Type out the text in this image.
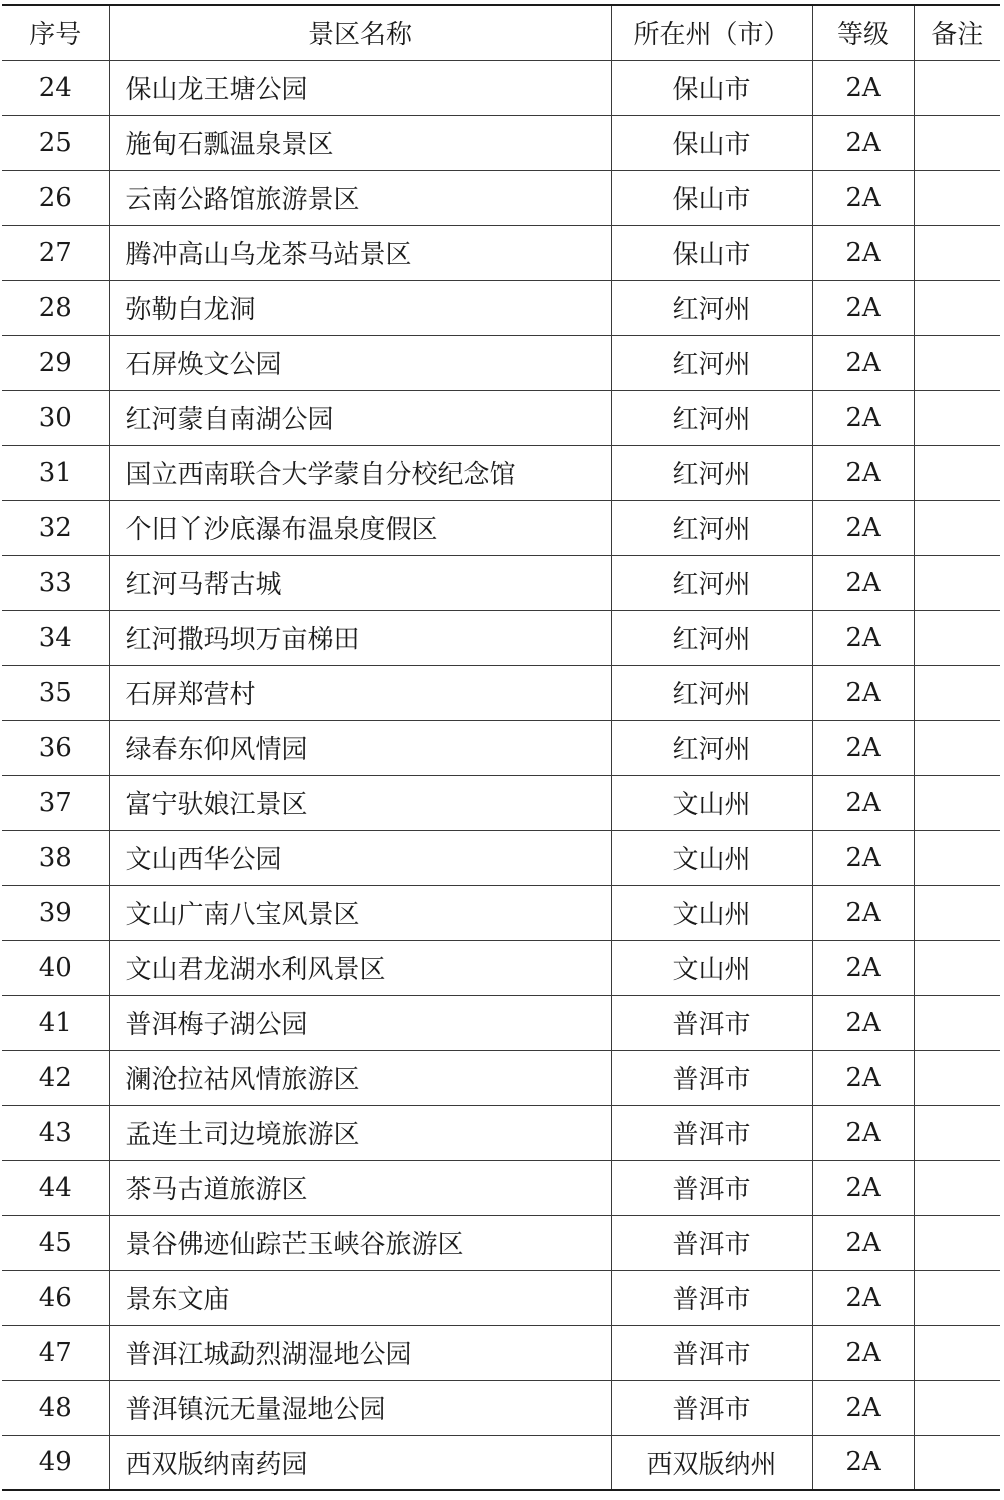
序号	景区名称	所在州（市）	等级	备注
24	保山龙王塘公园	保山市	2A	
25	施甸石瓢温泉景区	保山市	2A	
26	云南公路馆旅游景区	保山市	2A	
27	腾冲高山乌龙茶马站景区	保山市	2A	
28	弥勒白龙洞	红河州	2A	
29	石屏焕文公园	红河州	2A	
30	红河蒙自南湖公园	红河州	2A	
31	国立西南联合大学蒙自分校纪念馆	红河州	2A	
32	个旧丫沙底瀑布温泉度假区	红河州	2A	
33	红河马帮古城	红河州	2A	
34	红河撒玛坝万亩梯田	红河州	2A	
35	石屏郑营村	红河州	2A	
36	绿春东仰风情园	红河州	2A	
37	富宁驮娘江景区	文山州	2A	
38	文山西华公园	文山州	2A	
39	文山广南八宝风景区	文山州	2A	
40	文山君龙湖水利风景区	文山州	2A	
41	普洱梅子湖公园	普洱市	2A	
42	澜沧拉祜风情旅游区	普洱市	2A	
43	孟连土司边境旅游区	普洱市	2A	
44	茶马古道旅游区	普洱市	2A	
45	景谷佛迹仙踪芒玉峡谷旅游区	普洱市	2A	
46	景东文庙	普洱市	2A	
47	普洱江城勐烈湖湿地公园	普洱市	2A	
48	普洱镇沅无量湿地公园	普洱市	2A	
49	西双版纳南药园	西双版纳州	2A	
